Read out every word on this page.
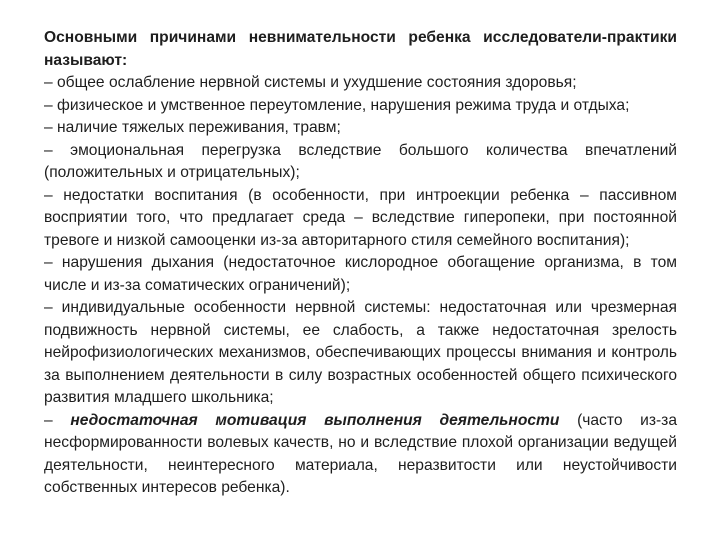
Основными причинами невнимательности ребенка исследователи-практики называют:

– общее ослабление нервной системы и ухудшение состояния здоровья;

– физическое и умственное переутомление, нарушения режима труда и отдыха;

– наличие тяжелых переживания, травм;

– эмоциональная перегрузка вследствие большого количества впечатлений (положительных и отрицательных);

– недостатки воспитания (в особенности, при интроекции ребенка – пассивном восприятии того, что предлагает среда – вследствие гиперопеки, при постоянной тревоге и низкой самооценки из-за авторитарного стиля семейного воспитания);

– нарушения дыхания (недостаточное кислородное обогащение организма, в том числе и из-за соматических ограничений);

– индивидуальные особенности нервной системы: недостаточная или чрезмерная подвижность нервной системы, ее слабость, а также недостаточная зрелость нейрофизиологических механизмов, обеспечивающих процессы внимания и контроль за выполнением деятельности в силу возрастных особенностей общего психического развития младшего школьника;

– недостаточная мотивация выполнения деятельности (часто из-за несформированности волевых качеств, но и вследствие плохой организации ведущей деятельности, неинтересного материала, неразвитости или неустойчивости собственных интересов ребенка).
